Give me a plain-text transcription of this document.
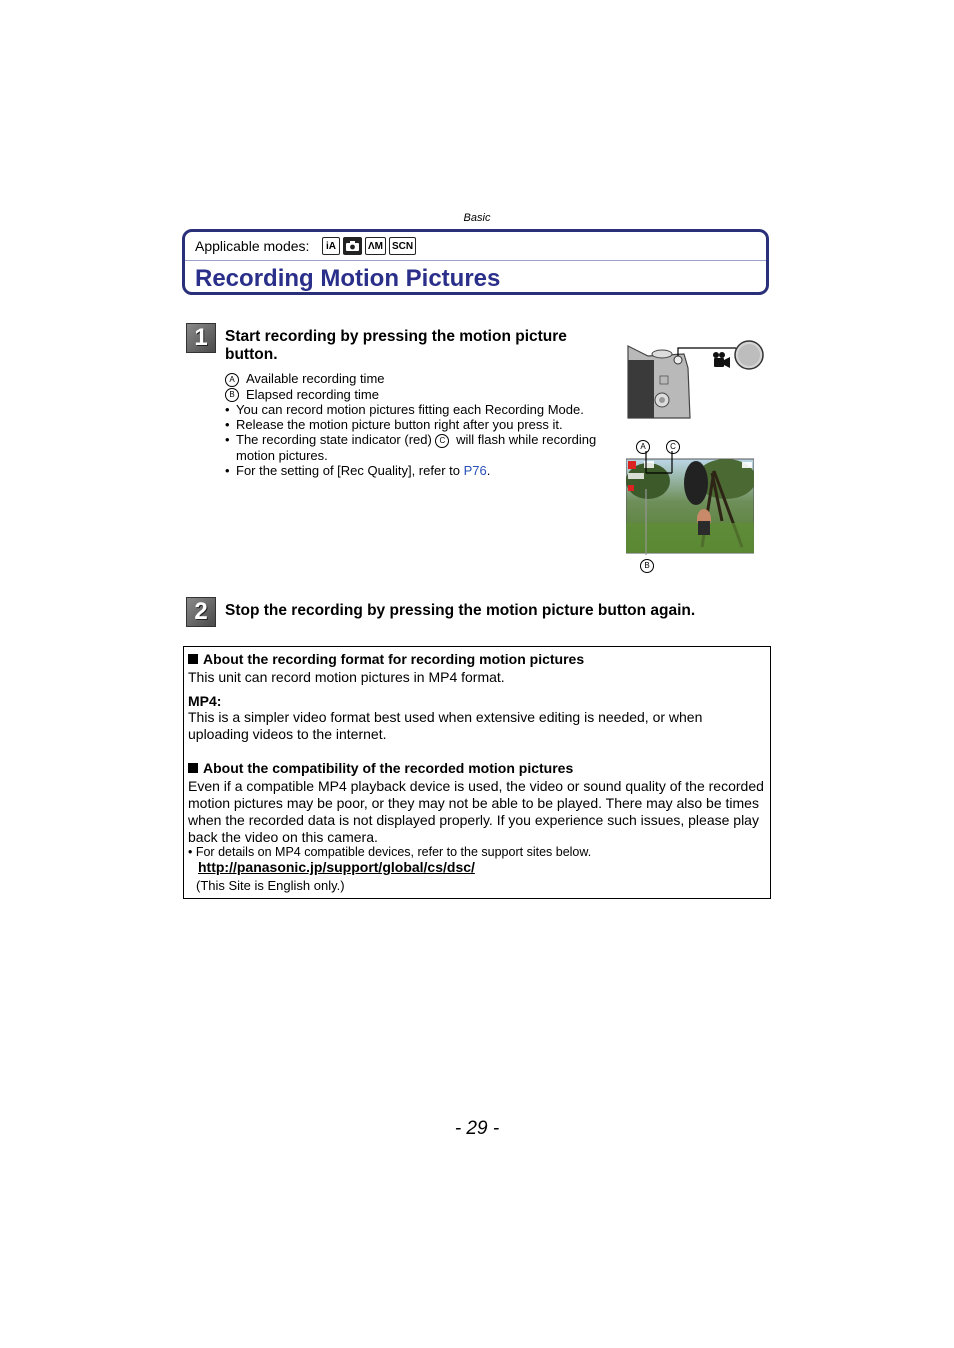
Basic
Applicable modes:	iA	ΛM SCN
Recording Motion Pictures
1	Start recording by pressing the motion picture button.
A Available recording time
B Elapsed recording time
• You can record motion pictures fitting each Recording Mode.
• Release the motion picture button right after you press it.
• The recording state indicator (red) C will flash while recording motion pictures.
• For the setting of [Rec Quality], refer to P76.
A	C
B
2	Stop the recording by pressing the motion picture button again.
About the recording format for recording motion pictures
This unit can record motion pictures in MP4 format.
MP4:
This is a simpler video format best used when extensive editing is needed, or when uploading videos to the internet.
About the compatibility of the recorded motion pictures
Even if a compatible MP4 playback device is used, the video or sound quality of the recorded motion pictures may be poor, or they may not be able to be played. There may also be times when the recorded data is not displayed properly. If you experience such issues, please play back the video on this camera.
• For details on MP4 compatible devices, refer to the support sites below.
http://panasonic.jp/support/global/cs/dsc/
(This Site is English only.)
- 29 -
